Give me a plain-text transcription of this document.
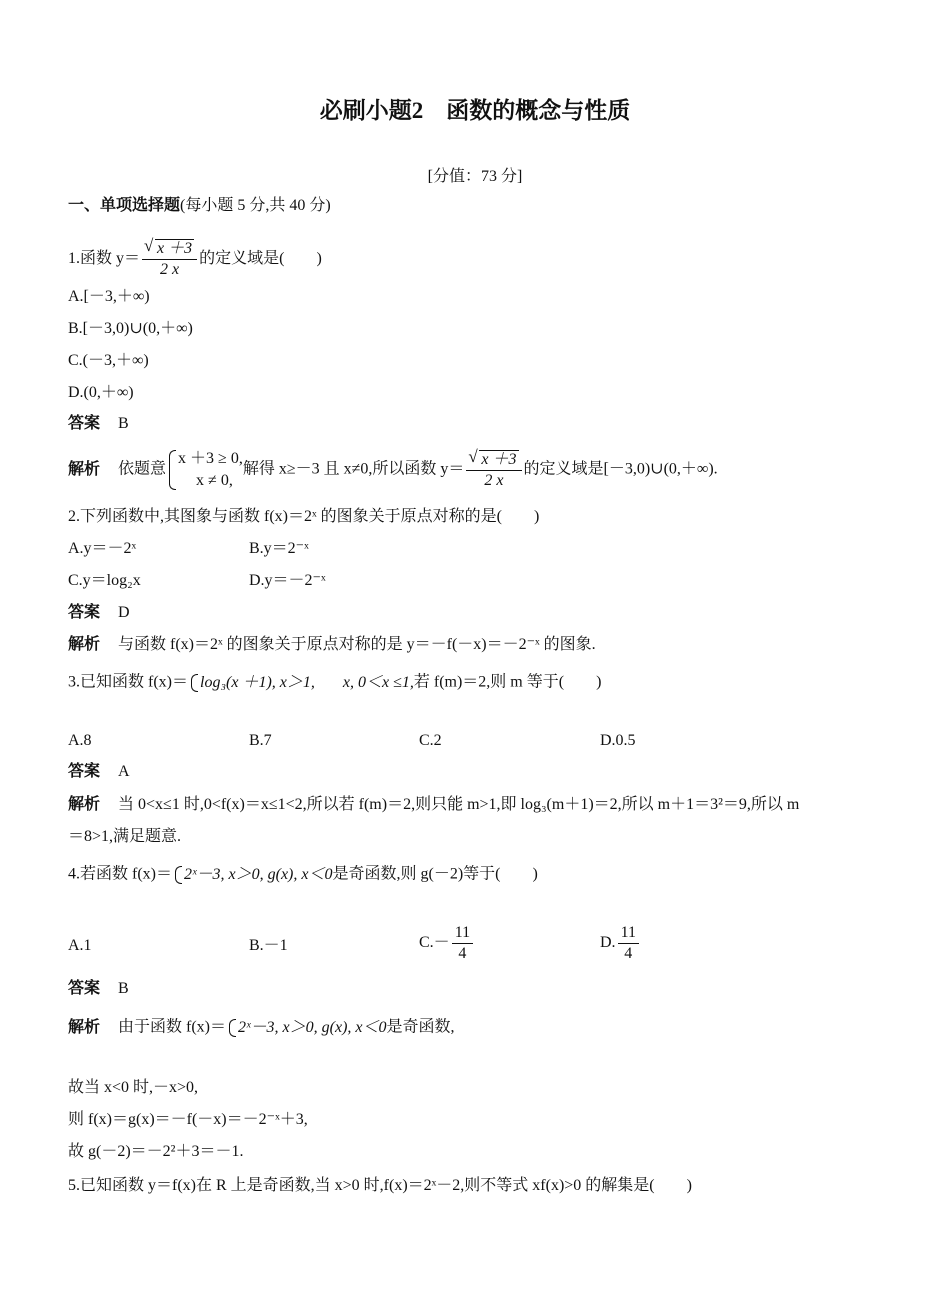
必刷小题2　函数的概念与性质
[分值：73 分]
一、单项选择题(每小题 5 分,共 40 分)
1.函数 y＝ √ $\frac{x +3}{2 x}$ 的定义域是(　　)
A.[－3,＋∞)
B.[－3,0)∪(0,＋∞)
C.(－3,＋∞)
D.(0,＋∞)
答案 B
解析 依题意
x ＋3 ≥ 0,
x ≠ 0,
解得 x≥－3 且 x≠0,所以函数 y＝ √ $\frac{x +3}{2 x}$ 的定义域是[－3,0)∪(0,＋∞).
2.下列函数中,其图象与函数 f(x)＝2ˣ 的图象关于原点对称的是(　　)
A.y＝－2ˣ	B.y＝2⁻ˣ
C.y＝log₂x	D.y＝－2⁻ˣ
答案 D
解析 与函数 f(x)＝2ˣ 的图象关于原点对称的是 y＝－f(－x)＝－2⁻ˣ 的图象.
3.已知函数 f(x)＝ log₃(x ＋1), x＞1, x, 0＜x ≤1,若 f(m)＝2,则 m 等于(　　)
A.8	B.7	C.2	D.0.5
答案 A
解析 当 0<x≤1 时,0<f(x)＝x≤1<2,所以若 f(m)＝2,则只能 m>1,即 log₃(m＋1)＝2,所以 m＋1＝3²＝9,所以 m
＝8>1,满足题意.
4.若函数 f(x)＝ 2ˣ－3, x＞0, g(x), x＜0是奇函数,则 g(－2)等于(　　)
A.1	B.－1	$C.- \frac{11}{4}$	D. $\frac{11}{4}$
答案 B
解析 由于函数 f(x)＝ 2ˣ－3, x＞0, g(x), x＜0是奇函数,
故当 x<0 时,－x>0,
则 f(x)＝g(x)＝－f(－x)＝－2⁻ˣ＋3,
故 g(－2)＝－2²＋3＝－1.
5.已知函数 y＝f(x)在 R 上是奇函数,当 x>0 时,f(x)＝2ˣ－2,则不等式 xf(x)>0 的解集是(　　)
